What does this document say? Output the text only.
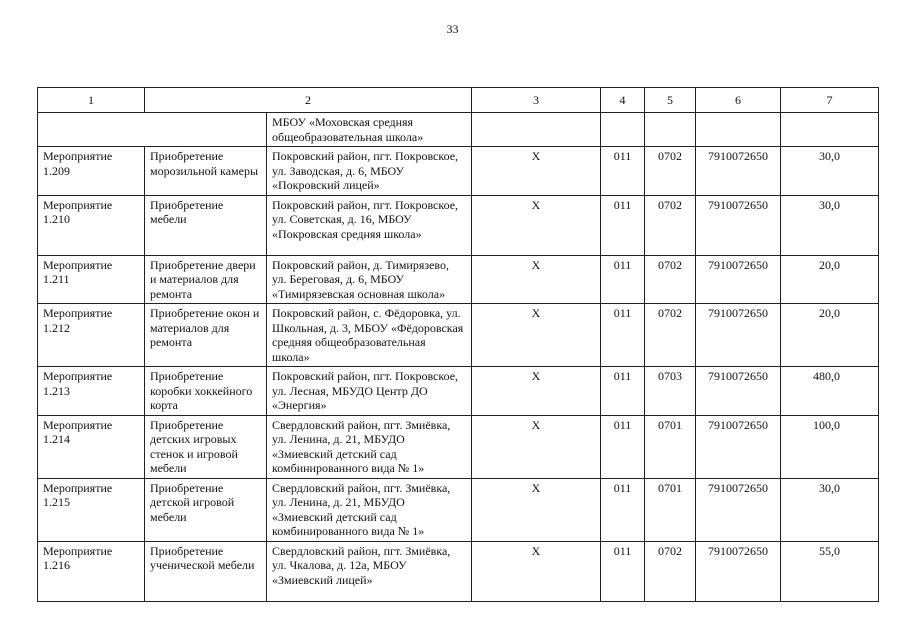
33
1	2		3	4	5	6	7
		МБОУ «Моховская средняя общеобразовательная школа»					
Мероприятие 1.209	Приобретение морозильной камеры	Покровский район, пгт. Покровское, ул. Заводская, д. 6, МБОУ «Покровский лицей»	X	011	0702	7910072650	30,0
Мероприятие 1.210	Приобретение мебели	Покровский район, пгт. Покровское, ул. Советская, д. 16, МБОУ «Покровская средняя школа»	X	011	0702	7910072650	30,0
Мероприятие 1.211	Приобретение двери и материалов для ремонта	Покровский район, д. Тимирязево, ул. Береговая, д. 6, МБОУ «Тимирязевская основная школа»	X	011	0702	7910072650	20,0
Мероприятие 1.212	Приобретение окон и материалов для ремонта	Покровский район, с. Фёдоровка, ул. Школьная, д. 3, МБОУ «Фёдоровская средняя общеобразовательная школа»	X	011	0702	7910072650	20,0
Мероприятие 1.213	Приобретение коробки хоккейного корта	Покровский район, пгт. Покровское, ул. Лесная, МБУДО Центр ДО «Энергия»	X	011	0703	7910072650	480,0
Мероприятие 1.214	Приобретение детских игровых стенок и игровой мебели	Свердловский район, пгт. Змиёвка, ул. Ленина, д. 21, МБУДО «Змиевский детский сад комбинированного вида № 1»	X	011	0701	7910072650	100,0
Мероприятие 1.215	Приобретение детской игровой мебели	Свердловский район, пгт. Змиёвка, ул. Ленина, д. 21, МБУДО «Змиевский детский сад комбинированного вида № 1»	X	011	0701	7910072650	30,0
Мероприятие 1.216	Приобретение ученической мебели	Свердловский район, пгт. Змиёвка, ул. Чкалова, д. 12а, МБОУ «Змиевский лицей»	X	011	0702	7910072650	55,0
